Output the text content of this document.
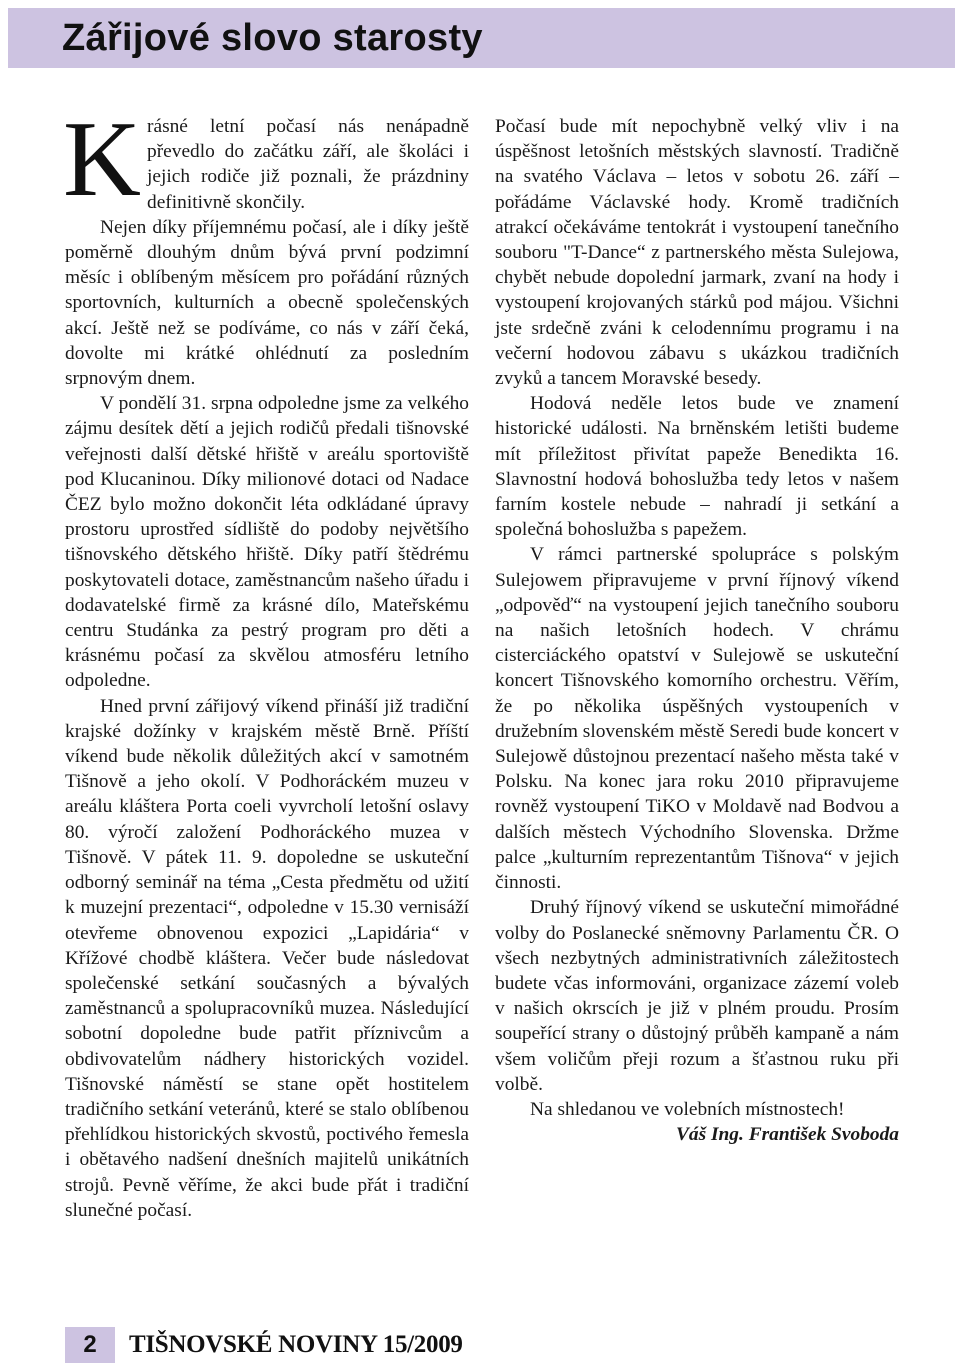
Zářijové slovo starosty

Krásné letní počasí nás nenápadně převedlo do začátku září, ale školáci i jejich rodiče již poznali, že prázdniny definitivně skončily.

Nejen díky příjemnému počasí, ale i díky ještě poměrně dlouhým dnům bývá první podzimní měsíc i oblíbeným měsícem pro pořádání různých sportovních, kulturních a obecně společenských akcí. Ještě než se podíváme, co nás v září čeká, dovolte mi krátké ohlédnutí za posledním srpnovým dnem.

V pondělí 31. srpna odpoledne jsme za velkého zájmu desítek dětí a jejich rodičů předali tišnovské veřejnosti další dětské hřiště v areálu sportoviště pod Klucaninou. Díky milionové dotaci od Nadace ČEZ bylo možno dokončit léta odkládané úpravy prostoru uprostřed sídliště do podoby největšího tišnovského dětského hřiště. Díky patří štědrému poskytovateli dotace, zaměstnancům našeho úřadu i dodavatelské firmě za krásné dílo, Mateřskému centru Studánka za pestrý program pro děti a krásnému počasí za skvělou atmosféru letního odpoledne.

Hned první zářijový víkend přináší již tradiční krajské dožínky v krajském městě Brně. Příští víkend bude několik důležitých akcí v samotném Tišnově a jeho okolí. V Podhoráckém muzeu v areálu kláštera Porta coeli vyvrcholí letošní oslavy 80. výročí založení Podhoráckého muzea v Tišnově. V pátek 11. 9. dopoledne se uskuteční odborný seminář na téma „Cesta předmětu od užití k muzejní prezentaci“, odpoledne v 15.30 vernisáží otevřeme obnovenou expozici „Lapidária“ v Křížové chodbě kláštera. Večer bude následovat společenské setkání současných a bývalých zaměstnanců a spolupracovníků muzea. Následující sobotní dopoledne bude patřit příznivcům a obdivovatelům nádhery historických vozidel. Tišnovské náměstí se stane opět hostitelem tradičního setkání veteránů, které se stalo oblíbenou přehlídkou historických skvostů, poctivého řemesla i obětavého nadšení dnešních majitelů unikátních strojů. Pevně věříme, že akci bude přát i tradiční slunečné počasí.

Počasí bude mít nepochybně velký vliv i na úspěšnost letošních městských slavností. Tradičně na svatého Václava – letos v sobotu 26. září – pořádáme Václavské hody. Kromě tradičních atrakcí očekáváme tentokrát i vystoupení tanečního souboru "T-Dance“ z partnerského města Sulejowa, chybět nebude dopolední jarmark, zvaní na hody i vystoupení krojovaných stárků pod májou. Všichni jste srdečně zváni k celodennímu programu i na večerní hodovou zábavu s ukázkou tradičních zvyků a tancem Moravské besedy.

Hodová neděle letos bude ve znamení historické události. Na brněnském letišti budeme mít příležitost přivítat papeže Benedikta 16. Slavnostní hodová bohoslužba tedy letos v našem farním kostele nebude – nahradí ji setkání a společná bohoslužba s papežem.

V rámci partnerské spolupráce s polským Sulejowem připravujeme v první říjnový víkend „odpověď“ na vystoupení jejich tanečního souboru na našich letošních hodech. V chrámu cisterciáckého opatství v Sulejowě se uskuteční koncert Tišnovského komorního orchestru. Věřím, že po několika úspěšných vystoupeních v družebním slovenském městě Seredi bude koncert v Sulejowě důstojnou prezentací našeho města také v Polsku. Na konec jara roku 2010 připravujeme rovněž vystoupení TiKO v Moldavě nad Bodvou a dalších městech Východního Slovenska. Držme palce „kulturním reprezentantům Tišnova“ v jejich činnosti.

Druhý říjnový víkend se uskuteční mimořádné volby do Poslanecké sněmovny Parlamentu ČR. O všech nezbytných administrativních záležitostech budete včas informováni, organizace zázemí voleb v našich okrscích je již v plném proudu. Prosím soupeřící strany o důstojný průběh kampaně a nám všem voličům přeji rozum a šťastnou ruku při volbě.

Na shledanou ve volebních místnostech!

Váš Ing. František Svoboda

2	TIŠNOVSKÉ NOVINY 15/2009
